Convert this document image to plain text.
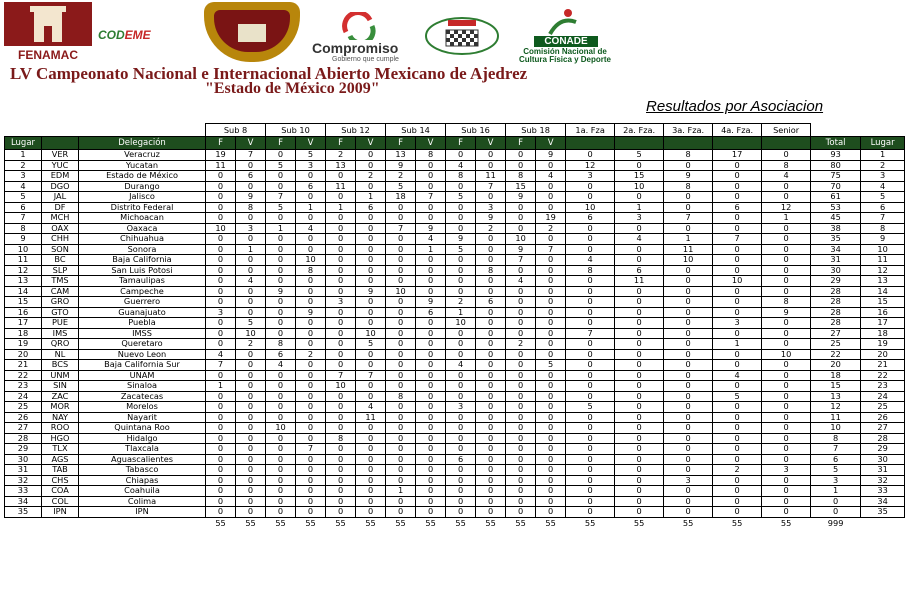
FENAMAC
CODEME
Compromiso
Gobierno que cumple
CONADE
Comisión Nacional de
Cultura Física y Deporte
LV Campeonato Nacional e Internacional Abierto Mexicano de Ajedrez
"Estado de México 2009"
Resultados por Asociacion
			Sub 8		Sub 10		Sub 12		Sub 14		Sub 16		Sub 18		1a. Fza	2a. Fza.	3a. Fza.	4a. Fza.	Senior		
Lugar		Delegación	F	V	F	V	F	V	F	V	F	V	F	V						Total	Lugar
1	VER	Veracruz	19	7	0	5	2	0	13	8	0	0	0	9	0	5	8	17	0	93	1
2	YUC	Yucatan	11	0	5	3	13	0	9	0	4	0	0	0	12	0	0	0	8	80	2
3	EDM	Estado de México	0	6	0	0	0	2	2	0	8	11	8	4	3	15	9	0	4	75	3
4	DGO	Durango	0	0	0	6	11	0	5	0	0	7	15	0	0	10	8	0	0	70	4
5	JAL	Jalisco	0	9	7	0	0	1	18	7	5	0	9	0	0	0	0	0	0	61	5
6	DF	Distrito Federal	0	8	5	1	1	6	0	0	0	3	0	0	10	1	0	6	12	53	6
7	MCH	Michoacan	0	0	0	0	0	0	0	0	0	9	0	19	6	3	7	0	1	45	7
8	OAX	Oaxaca	10	3	1	4	0	0	7	9	0	2	0	2	0	0	0	0	0	38	8
9	CHH	Chihuahua	0	0	0	0	0	0	0	4	9	0	10	0	0	4	1	7	0	35	9
10	SON	Sonora	0	1	0	0	0	0	0	1	5	0	9	7	0	0	11	0	0	34	10
11	BC	Baja California	0	0	0	10	0	0	0	0	0	0	7	0	4	0	10	0	0	31	11
12	SLP	San Luis Potosi	0	0	0	8	0	0	0	0	0	8	0	0	8	6	0	0	0	30	12
13	TMS	Tamaulipas	0	4	0	0	0	0	0	0	0	0	4	0	0	11	0	10	0	29	13
14	CAM	Campeche	0	0	9	0	0	9	10	0	0	0	0	0	0	0	0	0	0	28	14
15	GRO	Guerrero	0	0	0	0	3	0	0	9	2	6	0	0	0	0	0	0	8	28	15
16	GTO	Guanajuato	3	0	0	9	0	0	0	6	1	0	0	0	0	0	0	0	9	28	16
17	PUE	Puebla	0	5	0	0	0	0	0	0	10	0	0	0	0	0	0	3	0	28	17
18	IMS	IMSS	0	10	0	0	0	10	0	0	0	0	0	0	7	0	0	0	0	27	18
19	QRO	Queretaro	0	2	8	0	0	5	0	0	0	0	2	0	0	0	0	1	0	25	19
20	NL	Nuevo Leon	4	0	6	2	0	0	0	0	0	0	0	0	0	0	0	0	10	22	20
21	BCS	Baja California Sur	7	0	4	0	0	0	0	0	4	0	0	5	0	0	0	0	0	20	21
22	UNM	UNAM	0	0	0	0	7	7	0	0	0	0	0	0	0	0	0	4	0	18	22
23	SIN	Sinaloa	1	0	0	0	10	0	0	0	0	0	0	0	0	0	0	0	0	15	23
24	ZAC	Zacatecas	0	0	0	0	0	0	8	0	0	0	0	0	0	0	0	5	0	13	24
25	MOR	Morelos	0	0	0	0	0	4	0	0	3	0	0	0	5	0	0	0	0	12	25
26	NAY	Nayarit	0	0	0	0	0	11	0	0	0	0	0	0	0	0	0	0	0	11	26
27	ROO	Quintana Roo	0	0	10	0	0	0	0	0	0	0	0	0	0	0	0	0	0	10	27
28	HGO	Hidalgo	0	0	0	0	8	0	0	0	0	0	0	0	0	0	0	0	0	8	28
29	TLX	Tlaxcala	0	0	0	7	0	0	0	0	0	0	0	0	0	0	0	0	0	7	29
30	AGS	Aguascalientes	0	0	0	0	0	0	0	0	6	0	0	0	0	0	0	0	0	6	30
31	TAB	Tabasco	0	0	0	0	0	0	0	0	0	0	0	0	0	0	0	2	3	5	31
32	CHS	Chiapas	0	0	0	0	0	0	0	0	0	0	0	0	0	0	3	0	0	3	32
33	COA	Coahuila	0	0	0	0	0	0	1	0	0	0	0	0	0	0	0	0	0	1	33
34	COL	Colima	0	0	0	0	0	0	0	0	0	0	0	0	0	0	0	0	0	0	34
35	IPN	IPN	0	0	0	0	0	0	0	0	0	0	0	0	0	0	0	0	0	0	35
			55	55	55	55	55	55	55	55	55	55	55	55	55	55	55	55	55	999	
